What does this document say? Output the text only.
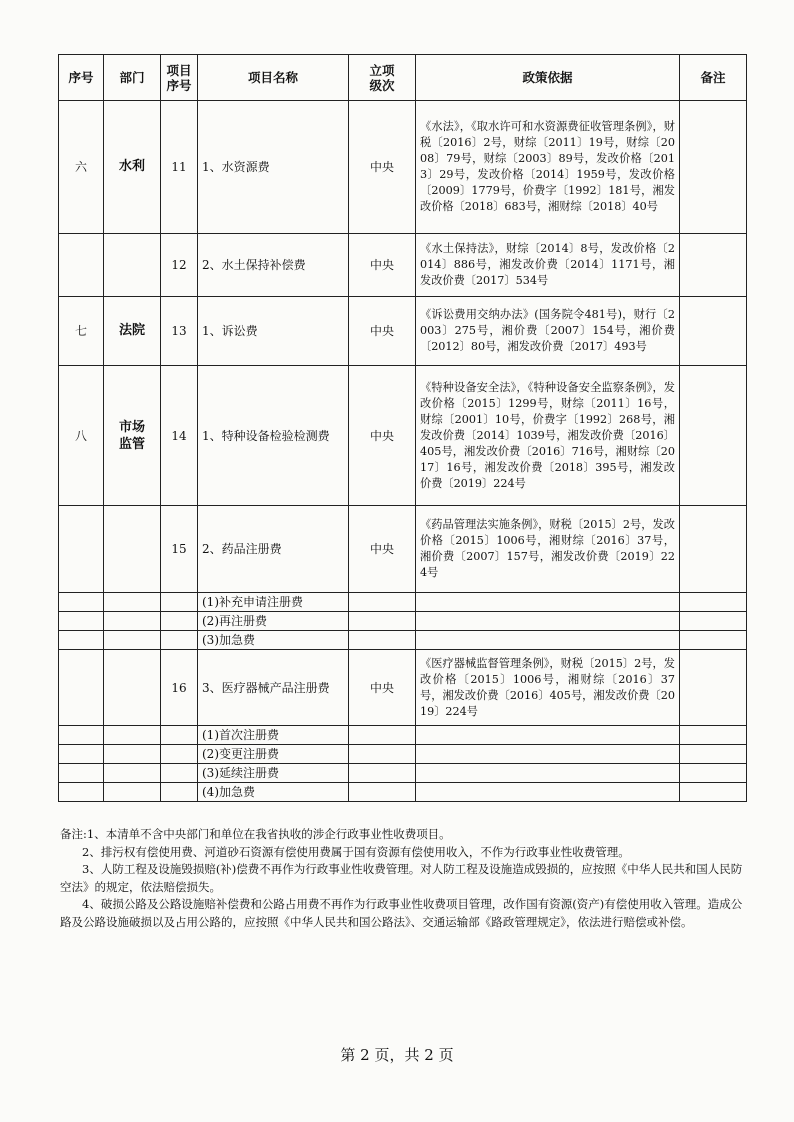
序号	部门	项目序号	项目名称	立项级次	政策依据	备注
六	水利	11	1、水资源费	中央	《水法》，《取水许可和水资源费征收管理条例》，财税〔2016〕2号，财综〔2011〕19号，财综〔2008〕79号，财综〔2003〕89号，发改价格〔2013〕29号，发改价格〔2014〕1959号，发改价格〔2009〕1779号，价费字〔1992〕181号，湘发改价格〔2018〕683号，湘财综〔2018〕40号	
		12	2、水土保持补偿费	中央	《水土保持法》，财综〔2014〕8号，发改价格〔2014〕886号，湘发改价费〔2014〕1171号，湘发改价费〔2017〕534号	
七	法院	13	1、诉讼费	中央	《诉讼费用交纳办法》(国务院令481号)，财行〔2003〕275号，湘价费〔2007〕154号，湘价费〔2012〕80号，湘发改价费〔2017〕493号	
八	市场监管	14	1、特种设备检验检测费	中央	《特种设备安全法》，《特种设备安全监察条例》，发改价格〔2015〕1299号，财综〔2011〕16号，财综〔2001〕10号，价费字〔1992〕268号，湘发改价费〔2014〕1039号，湘发改价费〔2016〕405号，湘发改价费〔2016〕716号，湘财综〔2017〕16号，湘发改价费〔2018〕395号，湘发改价费〔2019〕224号	
		15	2、药品注册费	中央	《药品管理法实施条例》，财税〔2015〕2号，发改价格〔2015〕1006号，湘财综〔2016〕37号，湘价费〔2007〕157号，湘发改价费〔2019〕224号	
			(1)补充申请注册费			
			(2)再注册费			
			(3)加急费			
		16	3、医疗器械产品注册费	中央	《医疗器械监督管理条例》，财税〔2015〕2号，发改价格〔2015〕1006号，湘财综〔2016〕37号，湘发改价费〔2016〕405号，湘发改价费〔2019〕224号	
			(1)首次注册费			
			(2)变更注册费			
			(3)延续注册费			
			(4)加急费			

备注:1、本清单不含中央部门和单位在我省执收的涉企行政事业性收费项目。

2、排污权有偿使用费、河道砂石资源有偿使用费属于国有资源有偿使用收入，不作为行政事业性收费管理。

3、人防工程及设施毁损赔(补)偿费不再作为行政事业性收费管理。对人防工程及设施造成毁损的，应按照《中华人民共和国人民防空法》的规定，依法赔偿损失。

4、破损公路及公路设施赔补偿费和公路占用费不再作为行政事业性收费项目管理，改作国有资源(资产)有偿使用收入管理。造成公路及公路设施破损以及占用公路的，应按照《中华人民共和国公路法》、交通运输部《路政管理规定》，依法进行赔偿或补偿。

第 2 页，共 2 页
